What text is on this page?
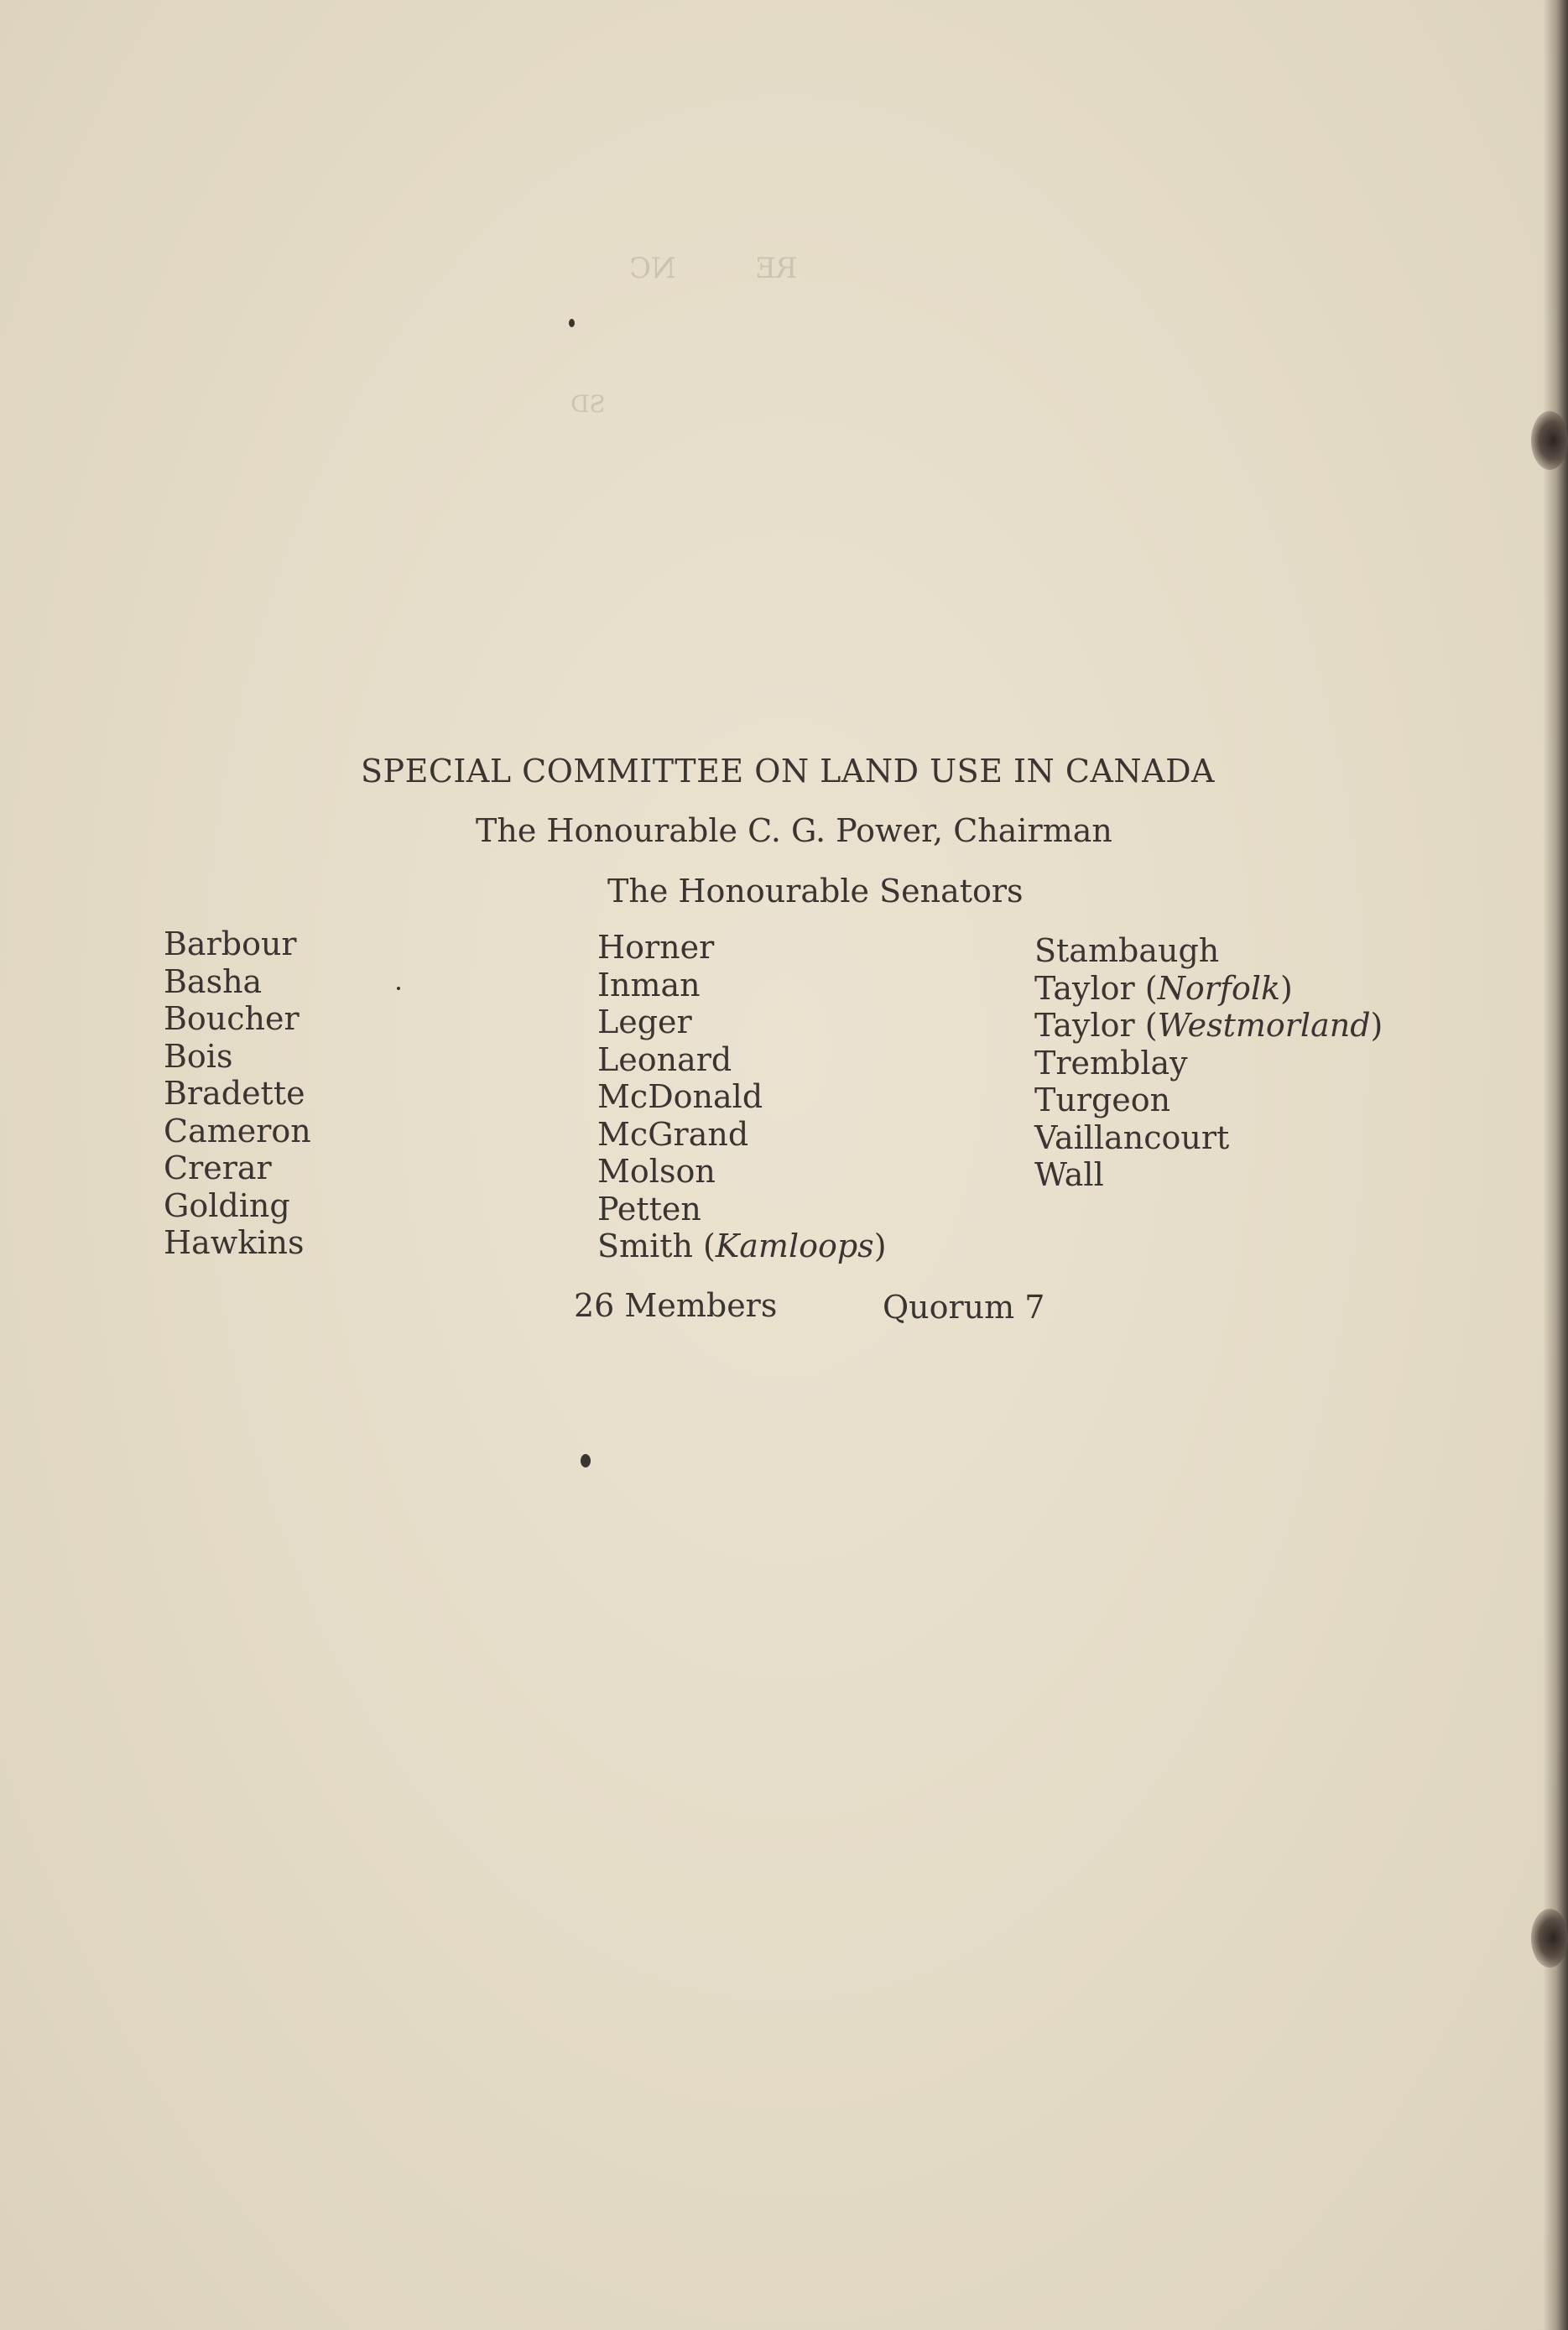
NC	RE
SD
SPECIAL COMMITTEE ON LAND USE IN CANADA
The Honourable C. G. Power, Chairman
The Honourable Senators
Barbour
Basha
Boucher
Bois
Bradette
Cameron
Crerar
Golding
Hawkins
Horner
Inman
Leger
Leonard
McDonald
McGrand
Molson
Petten
Smith (Kamloops)
Stambaugh
Taylor (Norfolk)
Taylor (Westmorland)
Tremblay
Turgeon
Vaillancourt
Wall
26 Members	Quorum 7
